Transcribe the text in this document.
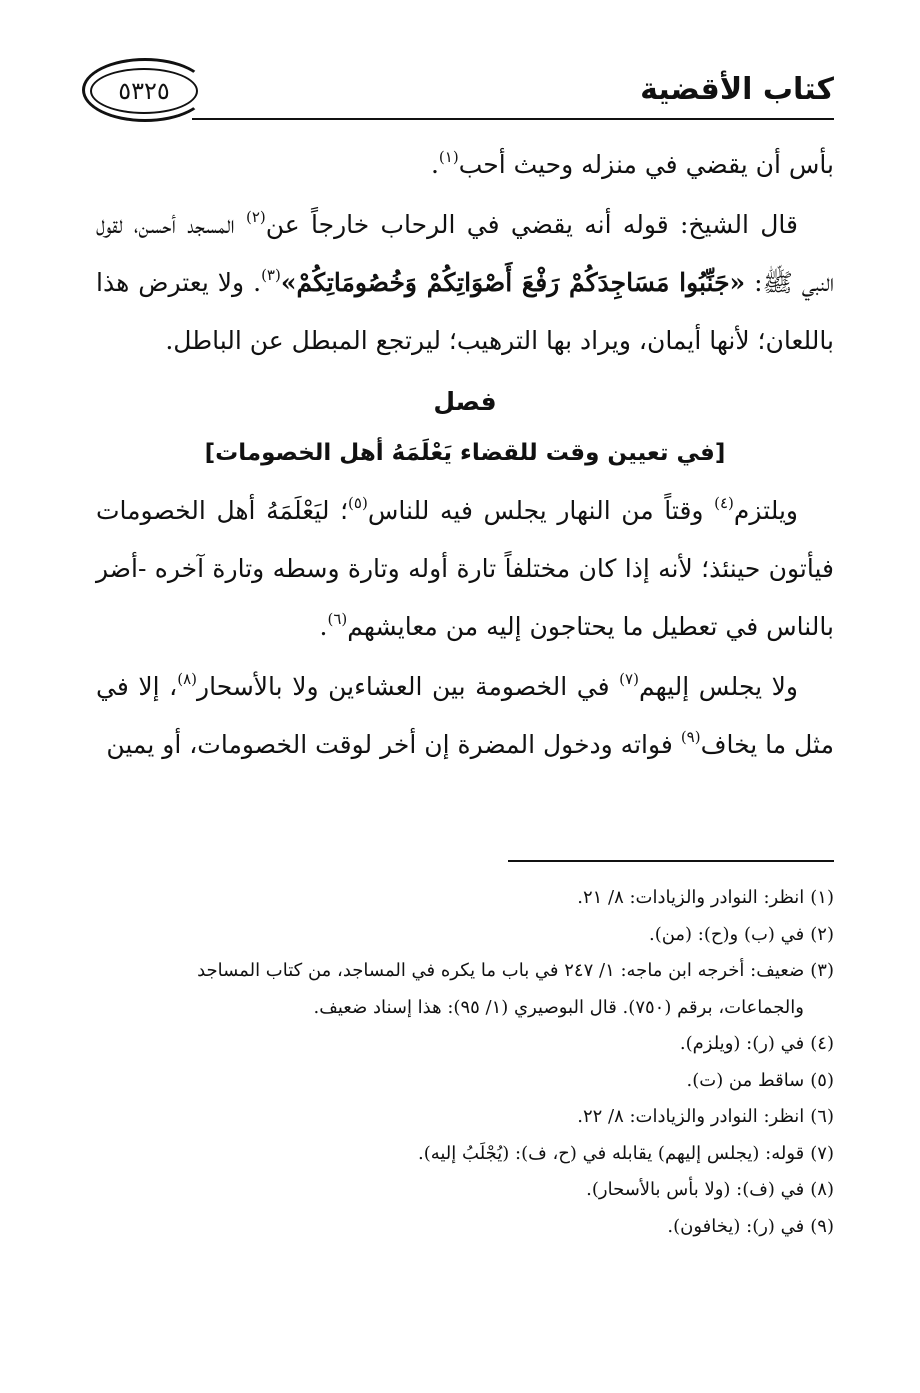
كتاب الأقضية
٥٣٢٥

بأس أن يقضي في منزله وحيث أحب$^{(١)}$.

قال الشيخ: قوله أنه يقضي في الرحاب خارجاً عن$^{(٢)}$ المسجد أحسن، لقول النبي ﷺ: «جَنِّبُوا مَسَاجِدَكُمْ رَفْعَ أَصْوَاتِكُمْ وَخُصُومَاتِكُمْ»$^{(٣)}$. ولا يعترض هذا باللعان؛ لأنها أيمان، ويراد بها الترهيب؛ ليرتجع المبطل عن الباطل.

فصل
[في تعيين وقت للقضاء يَعْلَمَهُ أهل الخصومات]

ويلتزم$^{(٤)}$ وقتاً من النهار يجلس فيه للناس$^{(٥)}$؛ ليَعْلَمَهُ أهل الخصومات فيأتون حينئذ؛ لأنه إذا كان مختلفاً تارة أوله وتارة وسطه وتارة آخره -أضر بالناس في تعطيل ما يحتاجون إليه من معايشهم$^{(٦)}$.

ولا يجلس إليهم$^{(٧)}$ في الخصومة بين العشاءين ولا بالأسحار$^{(٨)}$، إلا في مثل ما يخاف$^{(٩)}$ فواته ودخول المضرة إن أخر لوقت الخصومات، أو يمين

(١)انظر: النوادر والزيادات: ٨/ ٢١.

(٢)في (ب) و(ح): (من).

(٣)ضعيف: أخرجه ابن ماجه: ١/ ٢٤٧ في باب ما يكره في المساجد، من كتاب المساجد

والجماعات، برقم (٧٥٠). قال البوصيري (١/ ٩٥): هذا إسناد ضعيف.

(٤)في (ر): (ويلزم).

(٥)ساقط من (ت).

(٦)انظر: النوادر والزيادات: ٨/ ٢٢.

(٧)قوله: (يجلس إليهم) يقابله في (ح، ف): (يُجْلَبُ إليه).

(٨)في (ف): (ولا بأس بالأسحار).

(٩)في (ر): (يخافون).
